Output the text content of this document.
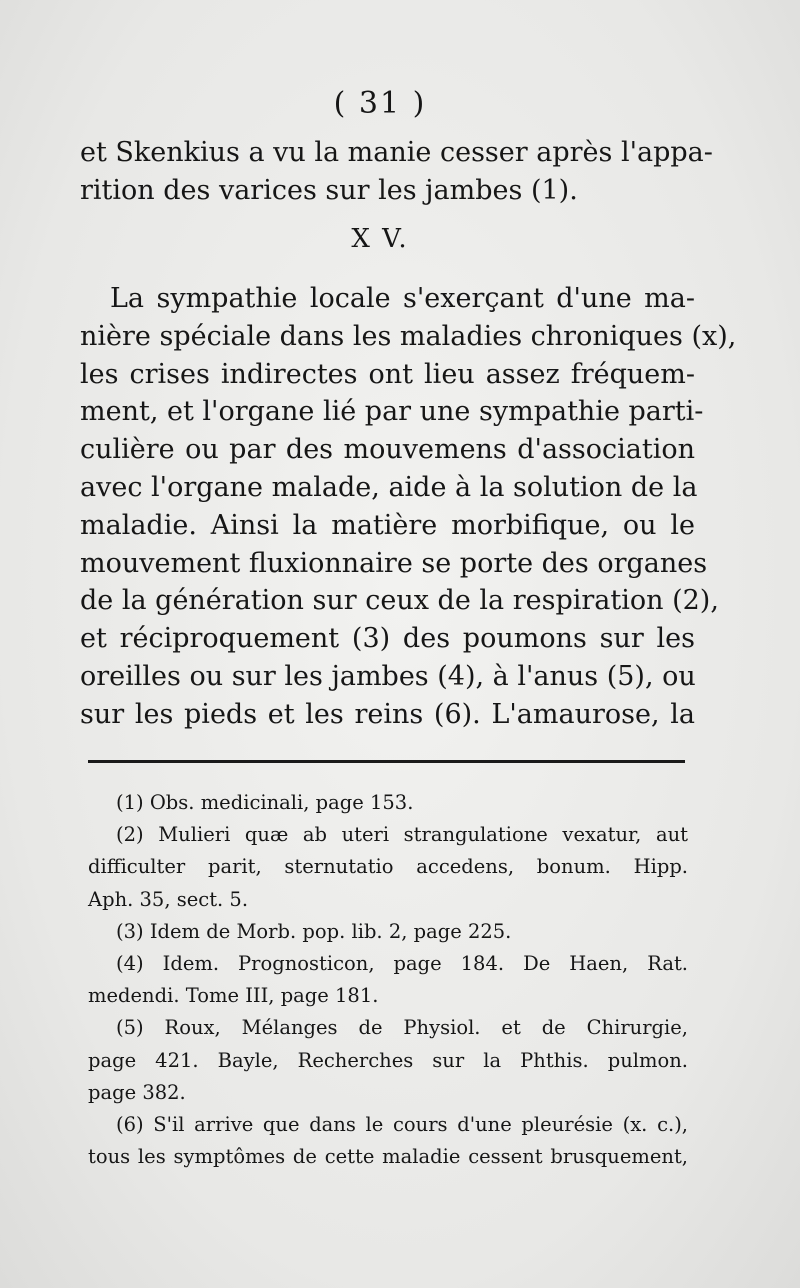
( 31 )
et Skenkius a vu la manie cesser après l'appa-
rition des varices sur les jambes (1).
X V.
La sympathie locale s'exerçant d'une ma-
nière spéciale dans les maladies chroniques (x),
les crises indirectes ont lieu assez fréquem-
ment, et l'organe lié par une sympathie parti-
culière ou par des mouvemens d'association
avec l'organe malade, aide à la solution de la
maladie. Ainsi la matière morbifique, ou le
mouvement fluxionnaire se porte des organes
de la génération sur ceux de la respiration (2),
et réciproquement (3) des poumons sur les
oreilles ou sur les jambes (4), à l'anus (5), ou
sur les pieds et les reins (6). L'amaurose, la
(1) Obs. medicinali, page 153.
(2) Mulieri quæ ab uteri strangulatione vexatur, aut
difficulter parit, sternutatio accedens, bonum. Hipp.
Aph. 35, sect. 5.
(3) Idem de Morb. pop. lib. 2, page 225.
(4) Idem. Prognosticon, page 184. De Haen, Rat.
medendi. Tome III, page 181.
(5) Roux, Mélanges de Physiol. et de Chirurgie,
page 421. Bayle, Recherches sur la Phthis. pulmon.
page 382.
(6) S'il arrive que dans le cours d'une pleurésie (x. c.),
tous les symptômes de cette maladie cessent brusquement,
